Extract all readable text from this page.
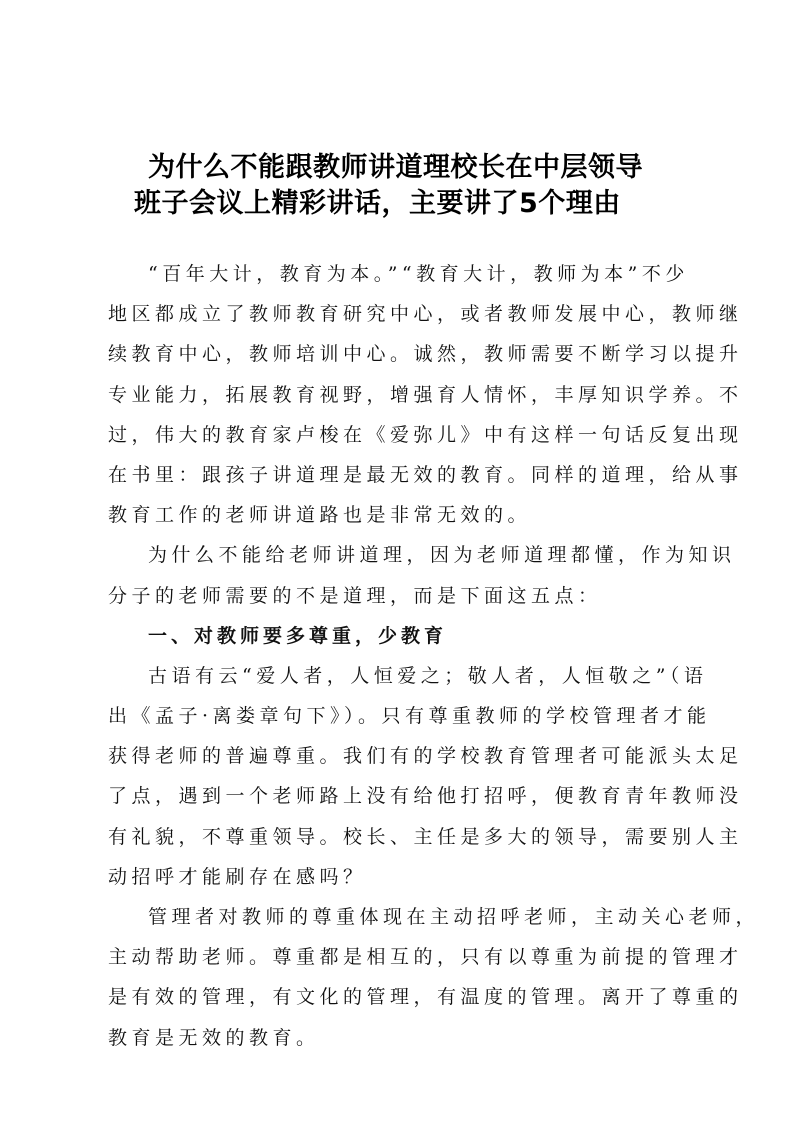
为什么不能跟教师讲道理校长在中层领导
班子会议上精彩讲话，主要讲了5个理由
“百年大计，教育为本。”“教育大计，教师为本”不少
地区都成立了教师教育研究中心，或者教师发展中心，教师继
续教育中心，教师培训中心。诚然，教师需要不断学习以提升
专业能力，拓展教育视野，增强育人情怀，丰厚知识学养。不
过，伟大的教育家卢梭在《爱弥儿》中有这样一句话反复出现
在书里：跟孩子讲道理是最无效的教育。同样的道理，给从事
教育工作的老师讲道路也是非常无效的。
为什么不能给老师讲道理，因为老师道理都懂，作为知识
分子的老师需要的不是道理，而是下面这五点：
一、对教师要多尊重，少教育
古语有云“爱人者，人恒爱之；敬人者，人恒敬之”（语
出《孟子·离娄章句下》）。只有尊重教师的学校管理者才能
获得老师的普遍尊重。我们有的学校教育管理者可能派头太足
了点，遇到一个老师路上没有给他打招呼，便教育青年教师没
有礼貌，不尊重领导。校长、主任是多大的领导，需要别人主
动招呼才能刷存在感吗？
管理者对教师的尊重体现在主动招呼老师，主动关心老师，
主动帮助老师。尊重都是相互的，只有以尊重为前提的管理才
是有效的管理，有文化的管理，有温度的管理。离开了尊重的
教育是无效的教育。
